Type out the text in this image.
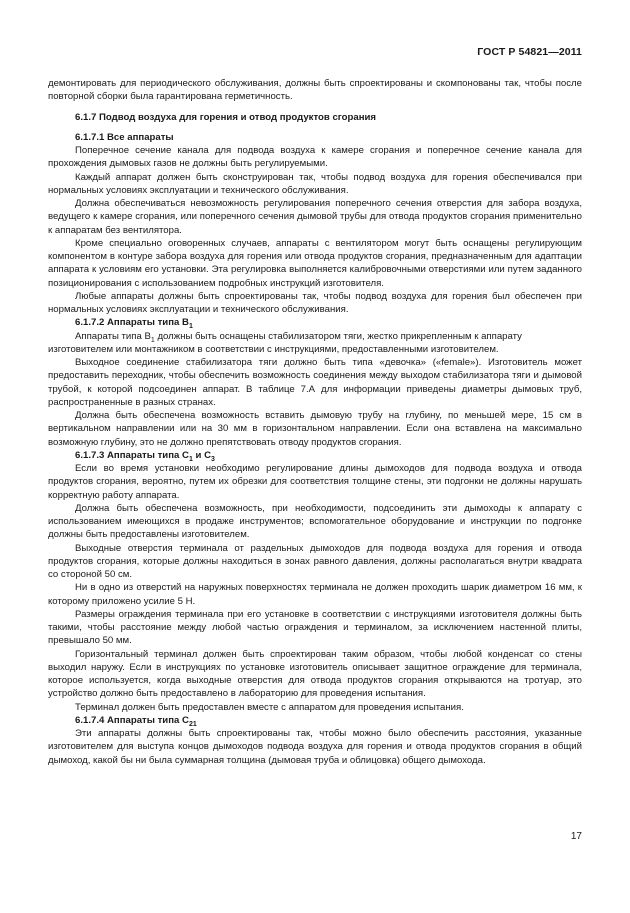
ГОСТ Р 54821—2011

демонтировать для периодического обслуживания, должны быть спроектированы и скомпонованы так, чтобы после повторной сборки была гарантирована герметичность.

6.1.7 Подвод воздуха для горения и отвод продуктов сгорания

6.1.7.1 Все аппараты

Поперечное сечение канала для подвода воздуха к камере сгорания и поперечное сечение канала для прохождения дымовых газов не должны быть регулируемыми.

Каждый аппарат должен быть сконструирован так, чтобы подвод воздуха для горения обеспечивался при нормальных условиях эксплуатации и технического обслуживания.

Должна обеспечиваться невозможность регулирования поперечного сечения отверстия для забора воздуха, ведущего к камере сгорания, или поперечного сечения дымовой трубы для отвода продуктов сгорания применительно к аппаратам без вентилятора.

Кроме специально оговоренных случаев, аппараты с вентилятором могут быть оснащены регулирующим компонентом в контуре забора воздуха для горения или отвода продуктов сгорания, предназначенным для адаптации аппарата к условиям его установки. Эта регулировка выполняется калибровочными отверстиями или путем заданного позиционирования с использованием подробных инструкций изготовителя.

Любые аппараты должны быть спроектированы так, чтобы подвод воздуха для горения был обеспечен при нормальных условиях эксплуатации и технического обслуживания.

6.1.7.2 Аппараты типа $B_1$

Аппараты типа $B_1$ должны быть оснащены стабилизатором тяги, жестко прикрепленным к аппарату

изготовителем или монтажником в соответствии с инструкциями, предоставленными изготовителем.

Выходное соединение стабилизатора тяги должно быть типа «девочка» («female»). Изготовитель может предоставить переходник, чтобы обеспечить возможность соединения между выходом стабилизатора тяги и дымовой трубой, к которой подсоединен аппарат. В таблице 7.А для информации приведены диаметры дымовых труб, распространенные в разных странах.

Должна быть обеспечена возможность вставить дымовую трубу на глубину, по меньшей мере, 15 см в вертикальном направлении или на 30 мм в горизонтальном направлении. Если она вставлена на максимально возможную глубину, это не должно препятствовать отводу продуктов сгорания.

6.1.7.3 Аппараты типа $C_1$ и $C_3$

Если во время установки необходимо регулирование длины дымоходов для подвода воздуха и отвода продуктов сгорания, вероятно, путем их обрезки для соответствия толщине стены, эти подгонки не должны нарушать корректную работу аппарата.

Должна быть обеспечена возможность, при необходимости, подсоединить эти дымоходы к аппарату с использованием имеющихся в продаже инструментов; вспомогательное оборудование и инструкции по подгонке должны быть предоставлены изготовителем.

Выходные отверстия терминала от раздельных дымоходов для подвода воздуха для горения и отвода продуктов сгорания, которые должны находиться в зонах равного давления, должны располагаться внутри квадрата со стороной 50 см.

Ни в одно из отверстий на наружных поверхностях терминала не должен проходить шарик диаметром 16 мм, к которому приложено усилие 5 Н.

Размеры ограждения терминала при его установке в соответствии с инструкциями изготовителя должны быть такими, чтобы расстояние между любой частью ограждения и терминалом, за исключением настенной плиты, превышало 50 мм.

Горизонтальный терминал должен быть спроектирован таким образом, чтобы любой конденсат со стены выходил наружу. Если в инструкциях по установке изготовитель описывает защитное ограждение для терминала, которое используется, когда выходные отверстия для отвода продуктов сгорания открываются на тротуар, это устройство должно быть предоставлено в лабораторию для проведения испытания.

Терминал должен быть предоставлен вместе с аппаратом для проведения испытания.

6.1.7.4 Аппараты типа $C_{21}$

Эти аппараты должны быть спроектированы так, чтобы можно было обеспечить расстояния, указанные изготовителем для выступа концов дымоходов подвода воздуха для горения и отвода продуктов сгорания в общий дымоход, какой бы ни была суммарная толщина (дымовая труба и облицовка) общего дымохода.

17
